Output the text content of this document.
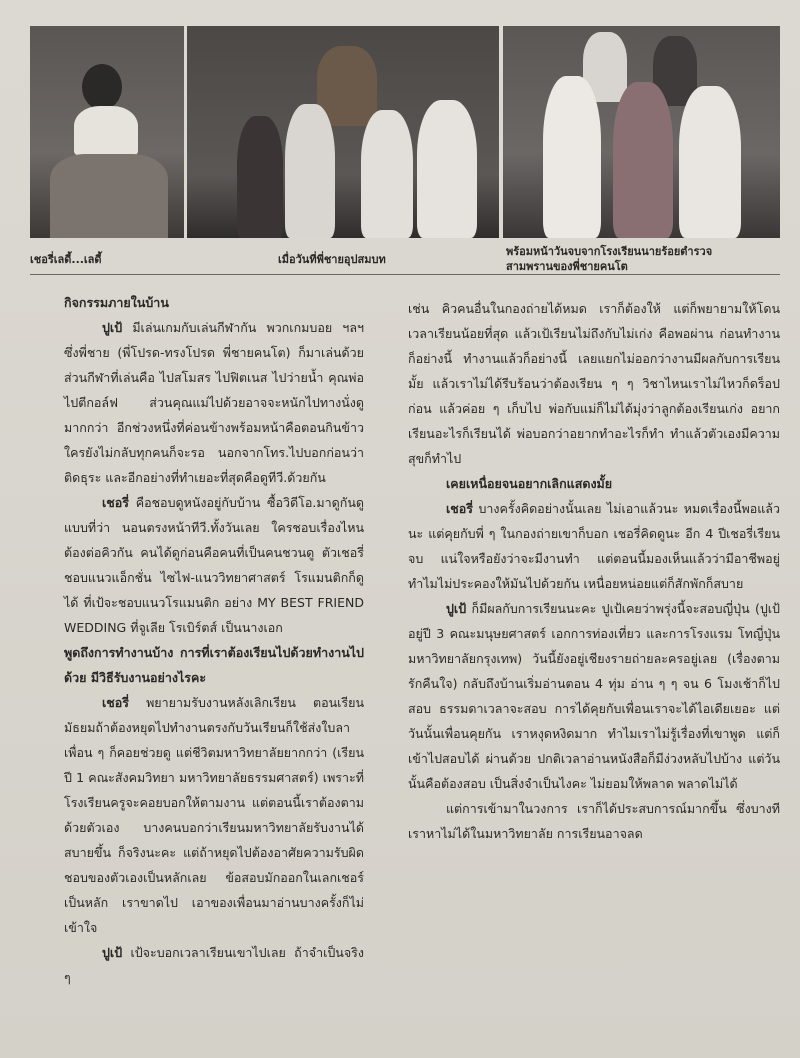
เชอรี่เลดี้...เลดี้	เมื่อวันที่พี่ชายอุปสมบท
พร้อมหน้าวันจบจากโรงเรียนนายร้อยตำรวจ
สามพรานของพี่ชายคนโต

กิจกรรมภายในบ้าน

ปูเป้ มีเล่นเกมกับเล่นกีฬากัน พวกเกมบอย ฯลฯ ซึ่งพี่ชาย (พี่โปรด-ทรงโปรด พี่ชายคนโต) ก็มาเล่นด้วย ส่วนกีฬาที่เล่นคือ ไปสโมสร ไปฟิตเนส ไปว่ายน้ำ คุณพ่อไปตีกอล์ฟ ส่วนคุณแม่ไปด้วยอาจจะหนักไปทางนั่งดูมากกว่า อีกช่วงหนึ่งที่ค่อนข้างพร้อมหน้าคือตอนกินข้าว ใครยังไม่กลับทุกคนก็จะรอ นอกจากโทร.ไปบอกก่อนว่าติดธุระ และอีกอย่างที่ทำเยอะที่สุดคือดูทีวี.ด้วยกัน

เชอรี่ คือชอบดูหนังอยู่กับบ้าน ซื้อวิดีโอ.มาดูกันดูแบบที่ว่า นอนตรงหน้าทีวี.ทั้งวันเลย ใครชอบเรื่องไหนต้องต่อคิวกัน คนได้ดูก่อนคือคนที่เป็นคนชวนดู ตัวเชอรี่ชอบแนวแอ็กชั่น ไซไฟ-แนววิทยาศาสตร์ โรแมนติกก็ดูได้ ที่เป้จะชอบแนวโรแมนติก อย่าง MY BEST FRIEND WEDDING ที่จูเลีย โรเบิร์ตส์ เป็นนางเอก

พูดถึงการทำงานบ้าง การที่เราต้องเรียนไปด้วยทำงานไปด้วย มีวิธีรับงานอย่างไรคะ

เชอรี่ พยายามรับงานหลังเลิกเรียน ตอนเรียนมัธยมถ้าต้องหยุดไปทำงานตรงกับวันเรียนก็ใช้ส่งใบลา เพื่อน ๆ ก็คอยช่วยดู แต่ชีวิตมหาวิทยาลัยยากกว่า (เรียนปี 1 คณะสังคมวิทยา มหาวิทยาลัยธรรมศาสตร์) เพราะที่โรงเรียนครูจะคอยบอกให้ตามงาน แต่ตอนนี้เราต้องตามด้วยตัวเอง บางคนบอกว่าเรียนมหาวิทยาลัยรับงานได้สบายขึ้น ก็จริงนะคะ แต่ถ้าหยุดไปต้องอาศัยความรับผิดชอบของตัวเองเป็นหลักเลย ข้อสอบมักออกในเลกเชอร์เป็นหลัก เราขาดไป เอาของเพื่อนมาอ่านบางครั้งก็ไม่เข้าใจ

ปูเป้ เป้จะบอกเวลาเรียนเขาไปเลย ถ้าจำเป็นจริง ๆ

เช่น คิวคนอื่นในกองถ่ายได้หมด เราก็ต้องให้ แต่ก็พยายามให้โดนเวลาเรียนน้อยที่สุด แล้วเป้เรียนไม่ถึงกับไม่เก่ง คือพอผ่าน ก่อนทำงานก็อย่างนี้ ทำงานแล้วก็อย่างนี้ เลยแยกไม่ออกว่างานมีผลกับการเรียนมั้ย แล้วเราไม่ได้รีบร้อนว่าต้องเรียน ๆ ๆ วิชาไหนเราไม่ไหวก็ดร็อปก่อน แล้วค่อย ๆ เก็บไป พ่อกับแม่ก็ไม่ได้มุ่งว่าลูกต้องเรียนเก่ง อยากเรียนอะไรก็เรียนได้ พ่อบอกว่าอยากทำอะไรก็ทำ ทำแล้วตัวเองมีความสุขก็ทำไป

เคยเหนื่อยจนอยากเลิกแสดงมั้ย

เชอรี่ บางครั้งคิดอย่างนั้นเลย ไม่เอาแล้วนะ หมดเรื่องนี้พอแล้วนะ แต่คุยกับพี่ ๆ ในกองถ่ายเขาก็บอก เชอรี่คิดดูนะ อีก 4 ปีเชอรี่เรียนจบ แน่ใจหรือยังว่าจะมีงานทำ แต่ตอนนี้มองเห็นแล้วว่ามีอาชีพอยู่ ทำไมไม่ประคองให้มันไปด้วยกัน เหนื่อยหน่อยแต่ก็สักพักก็สบาย

ปูเป้ ก็มีผลกับการเรียนนะคะ ปูเป้เคยว่าพรุ่งนี้จะสอบญี่ปุ่น (ปูเป้อยู่ปี 3 คณะมนุษยศาสตร์ เอกการท่องเที่ยว และการโรงแรม โทญี่ปุ่น มหาวิทยาลัยกรุงเทพ) วันนี้ยังอยู่เชียงรายถ่ายละครอยู่เลย (เรื่องตามรักคืนใจ) กลับถึงบ้านเริ่มอ่านตอน 4 ทุ่ม อ่าน ๆ ๆ จน 6 โมงเช้าก็ไปสอบ ธรรมดาเวลาจะสอบ การได้คุยกับเพื่อนเราจะได้ไอเดียเยอะ แต่วันนั้นเพื่อนคุยกัน เราหงุดหงิดมาก ทำไมเราไม่รู้เรื่องที่เขาพูด แต่ก็เข้าไปสอบได้ ผ่านด้วย ปกติเวลาอ่านหนังสือก็มีง่วงหลับไปบ้าง แต่วันนั้นคือต้องสอบ เป็นสิ่งจำเป็นไงคะ ไม่ยอมให้พลาด พลาดไม่ได้

แต่การเข้ามาในวงการ เราก็ได้ประสบการณ์มากขึ้น ซึ่งบางทีเราหาไม่ได้ในมหาวิทยาลัย การเรียนอาจลด
